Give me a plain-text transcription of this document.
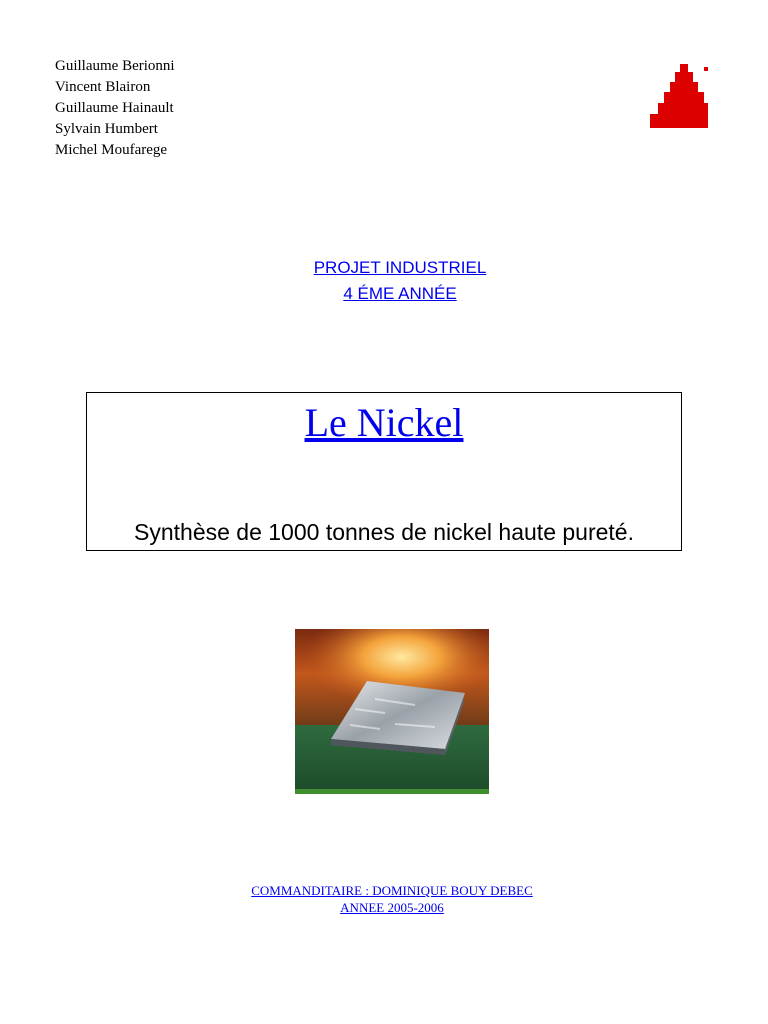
Guillaume Berionni
Vincent Blairon
Guillaume Hainault
Sylvain Humbert
Michel Moufarege
PROJET INDUSTRIEL
4 ÉME ANNÉE
Le Nickel
Synthèse de 1000 tonnes de nickel haute pureté.
COMMANDITAIRE : DOMINIQUE BOUY DEBEC
ANNEE 2005-2006
